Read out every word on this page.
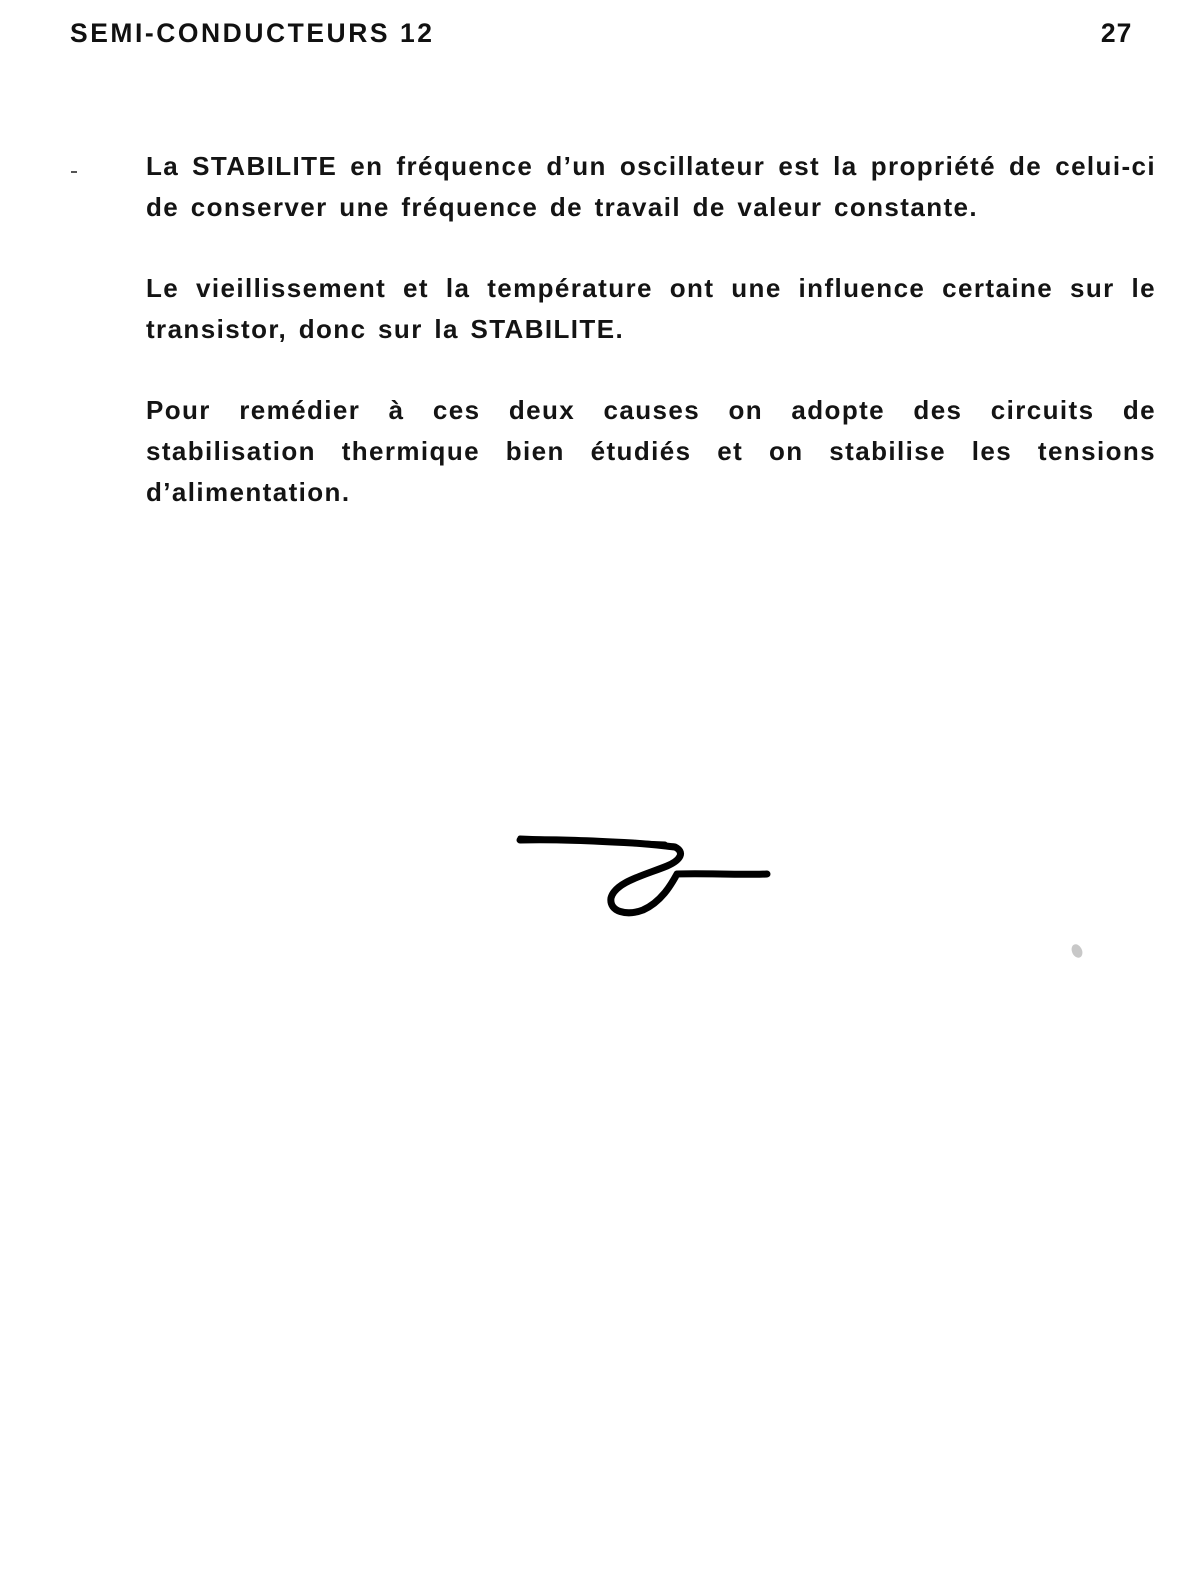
SEMI-CONDUCTEURS 12	27

La STABILITE en fréquence d’un oscillateur est la propriété de celui-ci de conserver une fréquence de travail de valeur constante.

Le vieillissement et la température ont une influence certaine sur le transistor, donc sur la STABILITE.

Pour remédier à ces deux causes on adopte des circuits de stabilisation thermique bien étudiés et on stabilise les tensions d’alimentation.
